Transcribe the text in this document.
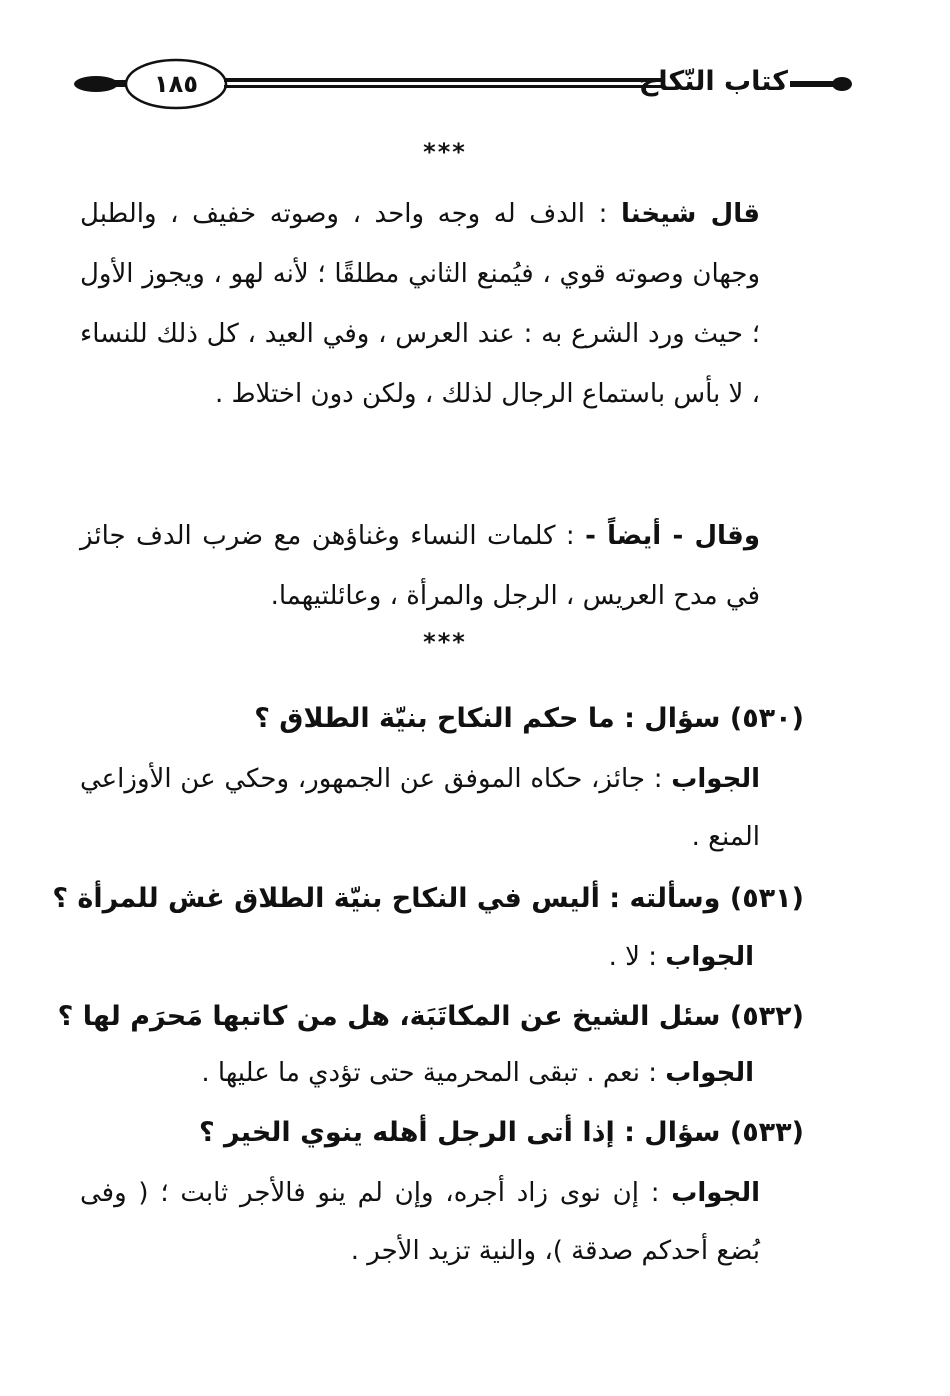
١٨٥	كتاب النّكاح
***
قال شيخنا : الدف له وجه واحد ، وصوته خفيف ، والطبل وجهان وصوته قوي ، فيُمنع الثاني مطلقًا ؛ لأنه لهو ، ويجوز الأول ؛ حيث ورد الشرع به : عند العرس ، وفي العيد ، كل ذلك للنساء ، لا بأس باستماع الرجال لذلك ، ولكن دون اختلاط .
وقال - أيضاً - : كلمات النساء وغناؤهن مع ضرب الدف جائز في مدح العريس ، الرجل والمرأة ، وعائلتيهما.
***
(٥٣٠) سؤال : ما حكم النكاح بنيّة الطلاق ؟
الجواب : جائز، حكاه الموفق عن الجمهور، وحكي عن الأوزاعي المنع .
(٥٣١) وسألته : أليس في النكاح بنيّة الطلاق غش للمرأة ؟
الجواب : لا .
(٥٣٢) سئل الشيخ عن المكاتَبَة، هل من كاتبها مَحرَم لها ؟
الجواب : نعم . تبقى المحرمية حتى تؤدي ما عليها .
(٥٣٣) سؤال : إذا أتى الرجل أهله ينوي الخير ؟
الجواب : إن نوى زاد أجره، وإن لم ينو فالأجر ثابت ؛ ( وفى بُضع أحدكم صدقة )، والنية تزيد الأجر .
